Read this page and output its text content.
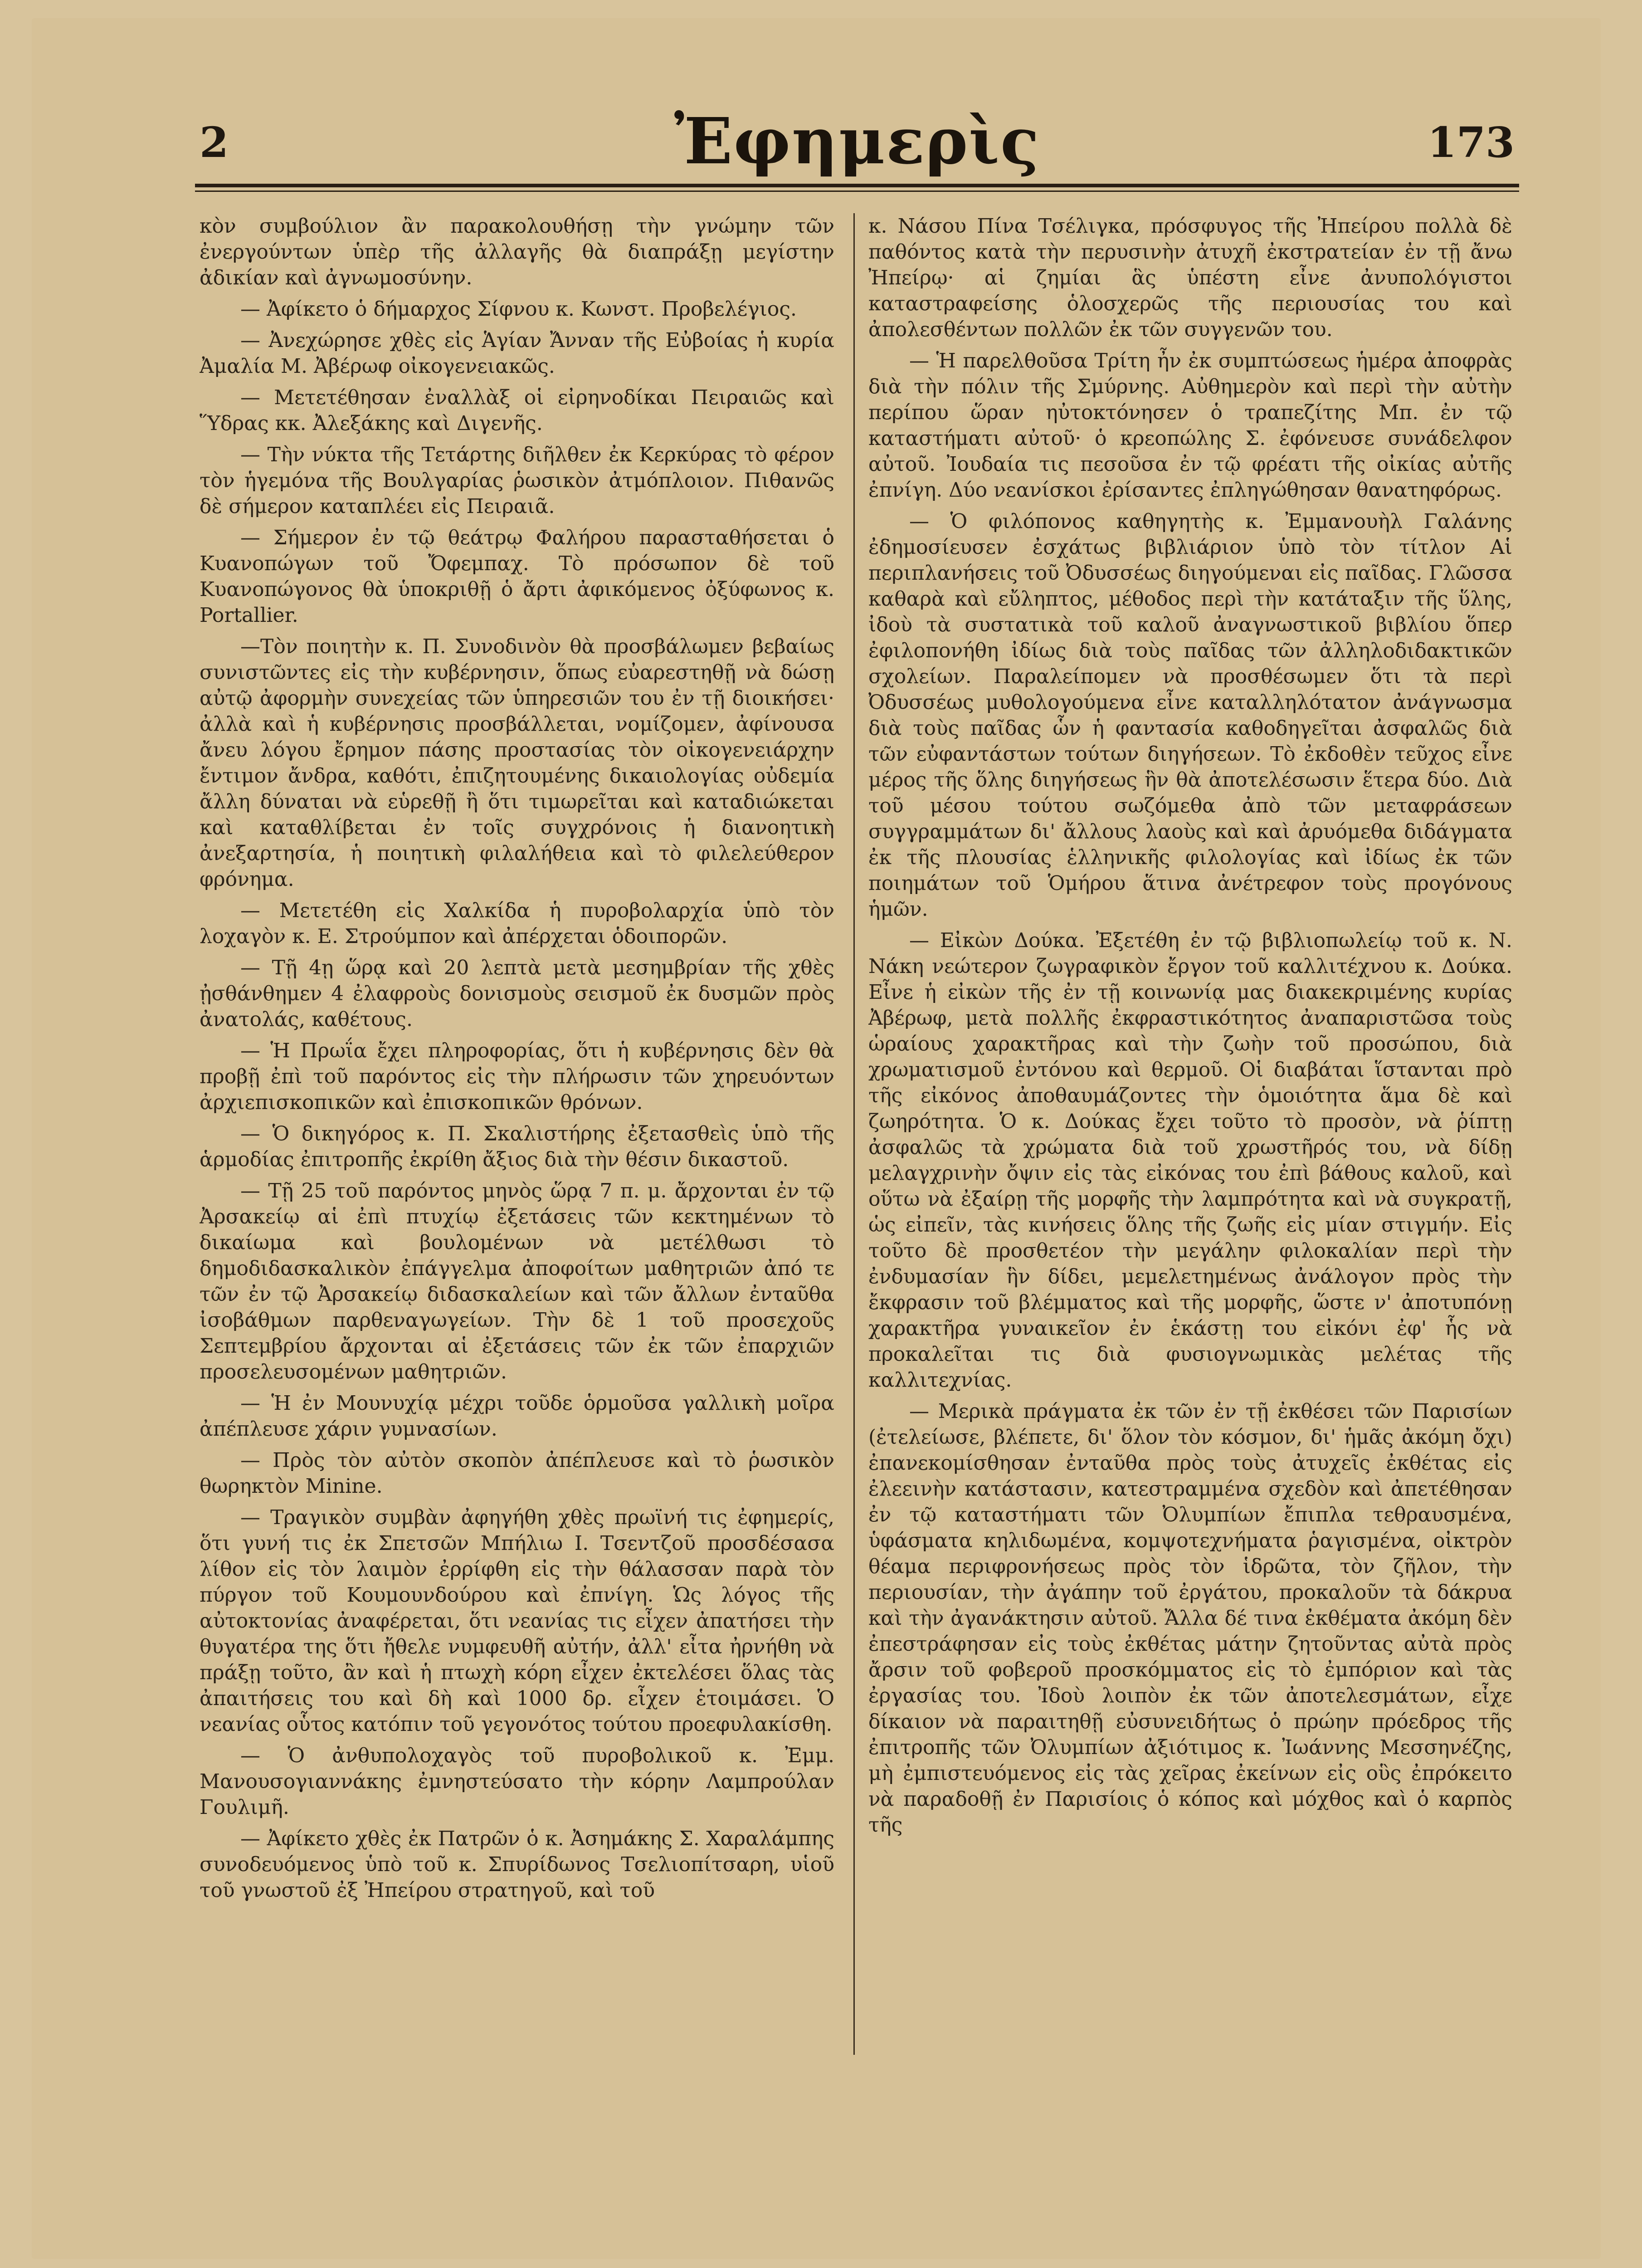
2	Ἐφημερὶς	173

κὸν συμβούλιον ἂν παρακολουθήσῃ τὴν γνώμην τῶν ἐνεργούντων ὑπὲρ τῆς ἀλλαγῆς θὰ διαπράξῃ μεγίστην ἀδικίαν καὶ ἀγνωμοσύνην.

— Ἀφίκετο ὁ δήμαρχος Σίφνου κ. Κωνστ. Προβελέγιος.

— Ἀνεχώρησε χθὲς εἰς Ἁγίαν Ἄνναν τῆς Εὐβοίας ἡ κυρία Ἀμαλία Μ. Ἀβέρωφ οἰκογενειακῶς.

— Μετετέθησαν ἐναλλὰξ οἱ εἰρηνοδίκαι Πειραιῶς καὶ Ὕδρας κκ. Ἀλεξάκης καὶ Διγενῆς.

— Τὴν νύκτα τῆς Τετάρτης διῆλθεν ἐκ Κερκύρας τὸ φέρον τὸν ἡγεμόνα τῆς Βουλγαρίας ῥωσικὸν ἀτμόπλοιον. Πιθανῶς δὲ σήμερον καταπλέει εἰς Πειραιᾶ.

— Σήμερον ἐν τῷ θεάτρῳ Φαλήρου παρασταθήσεται ὁ Κυανοπώγων τοῦ Ὄφεμπαχ. Τὸ πρόσωπον δὲ τοῦ Κυανοπώγονος θὰ ὑποκριθῇ ὁ ἄρτι ἀφικόμενος ὀξύφωνος κ. Portallier.

—Τὸν ποιητὴν κ. Π. Συνοδινὸν θὰ προσβάλωμεν βεβαίως συνιστῶντες εἰς τὴν κυβέρνησιν, ὅπως εὐαρεστηθῇ νὰ δώσῃ αὐτῷ ἀφορμὴν συνεχείας τῶν ὑπηρεσιῶν του ἐν τῇ διοικήσει· ἀλλὰ καὶ ἡ κυβέρνησις προσβάλλεται, νομίζομεν, ἀφίνουσα ἄνευ λόγου ἔρημον πάσης προστασίας τὸν οἰκογενειάρχην ἔντιμον ἄνδρα, καθότι, ἐπιζητουμένης δικαιολογίας οὐδεμία ἄλλη δύναται νὰ εὑρεθῇ ἢ ὅτι τιμωρεῖται καὶ καταδιώκεται καὶ καταθλίβεται ἐν τοῖς συγχρόνοις ἡ διανοητικὴ ἀνεξαρτησία, ἡ ποιητικὴ φιλαλήθεια καὶ τὸ φιλελεύθερον φρόνημα.

— Μετετέθη εἰς Χαλκίδα ἡ πυροβολαρχία ὑπὸ τὸν λοχαγὸν κ. Ε. Στρούμπον καὶ ἀπέρχεται ὁδοιπορῶν.

— Τῇ 4ῃ ὥρᾳ καὶ 20 λεπτὰ μετὰ μεσημβρίαν τῆς χθὲς ᾐσθάνθημεν 4 ἐλαφροὺς δονισμοὺς σεισμοῦ ἐκ δυσμῶν πρὸς ἀνατολάς, καθέτους.

— Ἡ Πρωΐα ἔχει πληροφορίας, ὅτι ἡ κυβέρνησις δὲν θὰ προβῇ ἐπὶ τοῦ παρόντος εἰς τὴν πλήρωσιν τῶν χηρευόντων ἀρχιεπισκοπικῶν καὶ ἐπισκοπικῶν θρόνων.

— Ὁ δικηγόρος κ. Π. Σκαλιστήρης ἐξετασθεὶς ὑπὸ τῆς ἁρμοδίας ἐπιτροπῆς ἐκρίθη ἄξιος διὰ τὴν θέσιν δικαστοῦ.

— Τῇ 25 τοῦ παρόντος μηνὸς ὥρᾳ 7 π. μ. ἄρχονται ἐν τῷ Ἀρσακείῳ αἱ ἐπὶ πτυχίῳ ἐξετάσεις τῶν κεκτημένων τὸ δικαίωμα καὶ βουλομένων νὰ μετέλθωσι τὸ δημοδιδασκαλικὸν ἐπάγγελμα ἀποφοίτων μαθητριῶν ἀπό τε τῶν ἐν τῷ Ἀρσακείῳ διδασκαλείων καὶ τῶν ἄλλων ἐνταῦθα ἰσοβάθμων παρθεναγωγείων. Τὴν δὲ 1 τοῦ προσεχοῦς Σεπτεμβρίου ἄρχονται αἱ ἐξετάσεις τῶν ἐκ τῶν ἐπαρχιῶν προσελευσομένων μαθητριῶν.

— Ἡ ἐν Μουνυχίᾳ μέχρι τοῦδε ὁρμοῦσα γαλλικὴ μοῖρα ἀπέπλευσε χάριν γυμνασίων.

— Πρὸς τὸν αὐτὸν σκοπὸν ἀπέπλευσε καὶ τὸ ῥωσικὸν θωρηκτὸν Minine.

— Τραγικὸν συμβὰν ἀφηγήθη χθὲς πρωϊνή τις ἐφημερίς, ὅτι γυνή τις ἐκ Σπετσῶν Μπήλιω Ι. Τσεντζοῦ προσδέσασα λίθον εἰς τὸν λαιμὸν ἐρρίφθη εἰς τὴν θάλασσαν παρὰ τὸν πύργον τοῦ Κουμουνδούρου καὶ ἐπνίγη. Ὡς λόγος τῆς αὐτοκτονίας ἀναφέρεται, ὅτι νεανίας τις εἶχεν ἀπατήσει τὴν θυγατέρα της ὅτι ἤθελε νυμφευθῆ αὐτήν, ἀλλ' εἶτα ἠρνήθη νὰ πράξῃ τοῦτο, ἂν καὶ ἡ πτωχὴ κόρη εἶχεν ἐκτελέσει ὅλας τὰς ἀπαιτήσεις του καὶ δὴ καὶ 1000 δρ. εἶχεν ἑτοιμάσει. Ὁ νεανίας οὗτος κατόπιν τοῦ γεγονότος τούτου προεφυλακίσθη.

— Ὁ ἀνθυπολοχαγὸς τοῦ πυροβολικοῦ κ. Ἐμμ. Μανουσογιαννάκης ἐμνηστεύσατο τὴν κόρην Λαμπρούλαν Γουλιμῆ.

— Ἀφίκετο χθὲς ἐκ Πατρῶν ὁ κ. Ἀσημάκης Σ. Χαραλάμπης συνοδευόμενος ὑπὸ τοῦ κ. Σπυρίδωνος Τσελιοπίτσαρη, υἱοῦ τοῦ γνωστοῦ ἐξ Ἠπείρου στρατηγοῦ, καὶ τοῦ

κ. Νάσου Πίνα Τσέλιγκα, πρόσφυγος τῆς Ἠπείρου πολλὰ δὲ παθόντος κατὰ τὴν περυσινὴν ἀτυχῆ ἐκστρατείαν ἐν τῇ ἄνω Ἠπείρῳ· αἱ ζημίαι ἃς ὑπέστη εἶνε ἀνυπολόγιστοι καταστραφείσης ὁλοσχερῶς τῆς περιουσίας του καὶ ἀπολεσθέντων πολλῶν ἐκ τῶν συγγενῶν του.

— Ἡ παρελθοῦσα Τρίτη ἦν ἐκ συμπτώσεως ἡμέρα ἀποφρὰς διὰ τὴν πόλιν τῆς Σμύρνης. Αὐθημερὸν καὶ περὶ τὴν αὐτὴν περίπου ὥραν ηὐτοκτόνησεν ὁ τραπεζίτης Μπ. ἐν τῷ καταστήματι αὐτοῦ· ὁ κρεοπώλης Σ. ἐφόνευσε συνάδελφον αὐτοῦ. Ἰουδαία τις πεσοῦσα ἐν τῷ φρέατι τῆς οἰκίας αὐτῆς ἐπνίγη. Δύο νεανίσκοι ἐρίσαντες ἐπληγώθησαν θανατηφόρως.

— Ὁ φιλόπονος καθηγητὴς κ. Ἐμμανουὴλ Γαλάνης ἐδημοσίευσεν ἐσχάτως βιβλιάριον ὑπὸ τὸν τίτλον Αἱ περιπλανήσεις τοῦ Ὀδυσσέως διηγούμεναι εἰς παῖδας. Γλῶσσα καθαρὰ καὶ εὔληπτος, μέθοδος περὶ τὴν κατάταξιν τῆς ὕλης, ἰδοὺ τὰ συστατικὰ τοῦ καλοῦ ἀναγνωστικοῦ βιβλίου ὅπερ ἐφιλοπονήθη ἰδίως διὰ τοὺς παῖδας τῶν ἀλληλοδιδακτικῶν σχολείων. Παραλείπομεν νὰ προσθέσωμεν ὅτι τὰ περὶ Ὀδυσσέως μυθολογούμενα εἶνε καταλληλότατον ἀνάγνωσμα διὰ τοὺς παῖδας ὧν ἡ φαντασία καθοδηγεῖται ἀσφαλῶς διὰ τῶν εὐφαντάστων τούτων διηγήσεων. Τὸ ἐκδοθὲν τεῦχος εἶνε μέρος τῆς ὅλης διηγήσεως ἣν θὰ ἀποτελέσωσιν ἕτερα δύο. Διὰ τοῦ μέσου τούτου σωζόμεθα ἀπὸ τῶν μεταφράσεων συγγραμμάτων δι' ἄλλους λαοὺς καὶ καὶ ἀρυόμεθα διδάγματα ἐκ τῆς πλουσίας ἑλληνικῆς φιλολογίας καὶ ἰδίως ἐκ τῶν ποιημάτων τοῦ Ὁμήρου ἅτινα ἀνέτρεφον τοὺς προγόνους ἡμῶν.

— Εἰκὼν Δούκα. Ἐξετέθη ἐν τῷ βιβλιοπωλείῳ τοῦ κ. Ν. Νάκη νεώτερον ζωγραφικὸν ἔργον τοῦ καλλιτέχνου κ. Δούκα. Εἶνε ἡ εἰκὼν τῆς ἐν τῇ κοινωνίᾳ μας διακεκριμένης κυρίας Ἀβέρωφ, μετὰ πολλῆς ἐκφραστικότητος ἀναπαριστῶσα τοὺς ὡραίους χαρακτῆρας καὶ τὴν ζωὴν τοῦ προσώπου, διὰ χρωματισμοῦ ἐντόνου καὶ θερμοῦ. Οἱ διαβάται ἵστανται πρὸ τῆς εἰκόνος ἀποθαυμάζοντες τὴν ὁμοιότητα ἅμα δὲ καὶ ζωηρότητα. Ὁ κ. Δούκας ἔχει τοῦτο τὸ προσὸν, νὰ ῥίπτῃ ἀσφαλῶς τὰ χρώματα διὰ τοῦ χρωστῆρός του, νὰ δίδῃ μελαγχρινὴν ὄψιν εἰς τὰς εἰκόνας του ἐπὶ βάθους καλοῦ, καὶ οὕτω νὰ ἐξαίρῃ τῆς μορφῆς τὴν λαμπρότητα καὶ νὰ συγκρατῇ, ὡς εἰπεῖν, τὰς κινήσεις ὅλης τῆς ζωῆς εἰς μίαν στιγμήν. Εἰς τοῦτο δὲ προσθετέον τὴν μεγάλην φιλοκαλίαν περὶ τὴν ἐνδυμασίαν ἣν δίδει, μεμελετημένως ἀνάλογον πρὸς τὴν ἔκφρασιν τοῦ βλέμματος καὶ τῆς μορφῆς, ὥστε ν' ἀποτυπόνῃ χαρακτῆρα γυναικεῖον ἐν ἑκάστῃ του εἰκόνι ἐφ' ἧς νὰ προκαλεῖται τις διὰ φυσιογνωμικὰς μελέτας τῆς καλλιτεχνίας.

— Μερικὰ πράγματα ἐκ τῶν ἐν τῇ ἐκθέσει τῶν Παρισίων (ἐτελείωσε, βλέπετε, δι' ὅλον τὸν κόσμον, δι' ἡμᾶς ἀκόμη ὄχι) ἐπανεκομίσθησαν ἐνταῦθα πρὸς τοὺς ἀτυχεῖς ἐκθέτας εἰς ἐλεεινὴν κατάστασιν, κατεστραμμένα σχεδὸν καὶ ἀπετέθησαν ἐν τῷ καταστήματι τῶν Ὀλυμπίων ἔπιπλα τεθραυσμένα, ὑφάσματα κηλιδωμένα, κομψοτεχνήματα ῥαγισμένα, οἰκτρὸν θέαμα περιφρονήσεως πρὸς τὸν ἱδρῶτα, τὸν ζῆλον, τὴν περιουσίαν, τὴν ἀγάπην τοῦ ἐργάτου, προκαλοῦν τὰ δάκρυα καὶ τὴν ἀγανάκτησιν αὐτοῦ. Ἄλλα δέ τινα ἐκθέματα ἀκόμη δὲν ἐπεστράφησαν εἰς τοὺς ἐκθέτας μάτην ζητοῦντας αὐτὰ πρὸς ἄρσιν τοῦ φοβεροῦ προσκόμματος εἰς τὸ ἐμπόριον καὶ τὰς ἐργασίας του. Ἰδοὺ λοιπὸν ἐκ τῶν ἀποτελεσμάτων, εἶχε δίκαιον νὰ παραιτηθῇ εὐσυνειδήτως ὁ πρώην πρόεδρος τῆς ἐπιτροπῆς τῶν Ὀλυμπίων ἀξιότιμος κ. Ἰωάννης Μεσσηνέζης, μὴ ἐμπιστευόμενος εἰς τὰς χεῖρας ἐκείνων εἰς οὓς ἐπρόκειτο νὰ παραδοθῇ ἐν Παρισίοις ὁ κόπος καὶ μόχθος καὶ ὁ καρπὸς τῆς
